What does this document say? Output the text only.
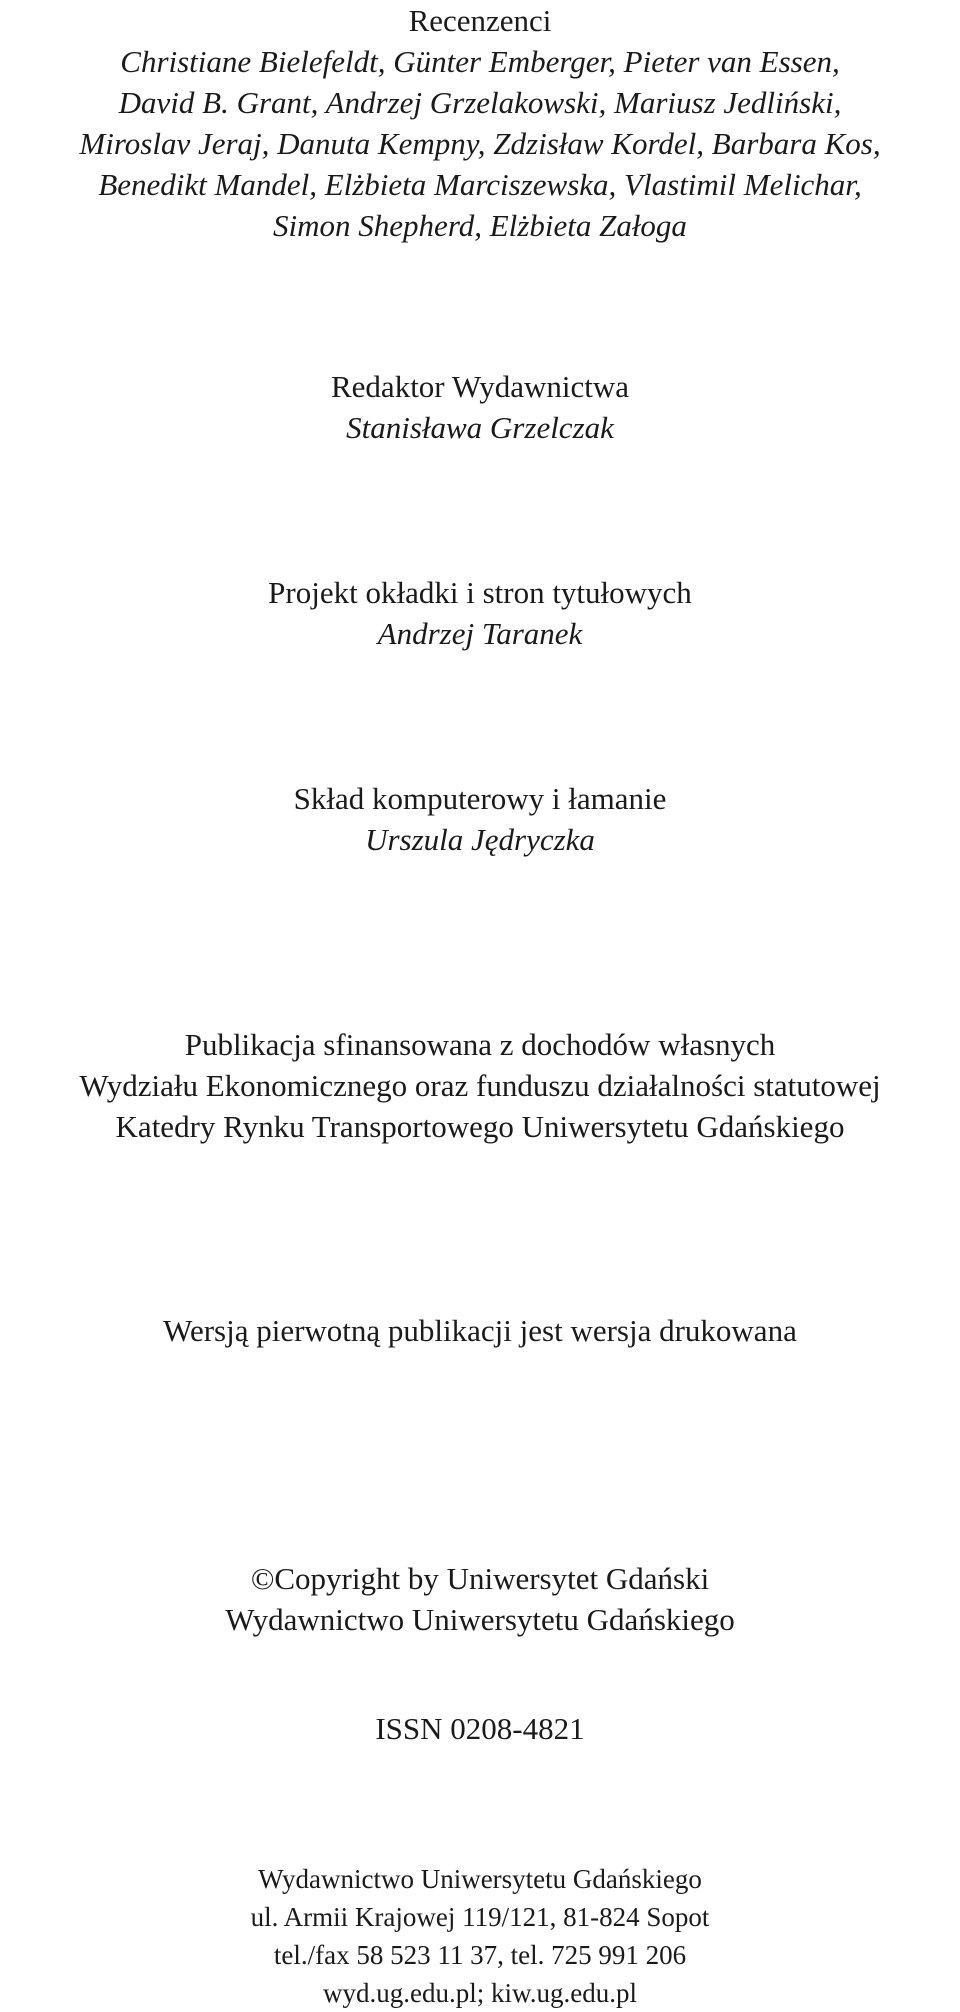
Recenzenci
Christiane Bielefeldt, Günter Emberger, Pieter van Essen,
David B. Grant, Andrzej Grzelakowski, Mariusz Jedliński,
Miroslav Jeraj, Danuta Kempny, Zdzisław Kordel, Barbara Kos,
Benedikt Mandel, Elżbieta Marciszewska, Vlastimil Melichar,
Simon Shepherd, Elżbieta Załoga
Redaktor Wydawnictwa
Stanisława Grzelczak
Projekt okładki i stron tytułowych
Andrzej Taranek
Skład komputerowy i łamanie
Urszula Jędryczka
Publikacja sfinansowana z dochodów własnych
Wydziału Ekonomicznego oraz funduszu działalności statutowej
Katedry Rynku Transportowego Uniwersytetu Gdańskiego
Wersją pierwotną publikacji jest wersja drukowana
©Copyright by Uniwersytet Gdański
Wydawnictwo Uniwersytetu Gdańskiego
ISSN 0208-4821
Wydawnictwo Uniwersytetu Gdańskiego
ul. Armii Krajowej 119/121, 81-824 Sopot
tel./fax 58 523 11 37, tel. 725 991 206
wyd.ug.edu.pl; kiw.ug.edu.pl
